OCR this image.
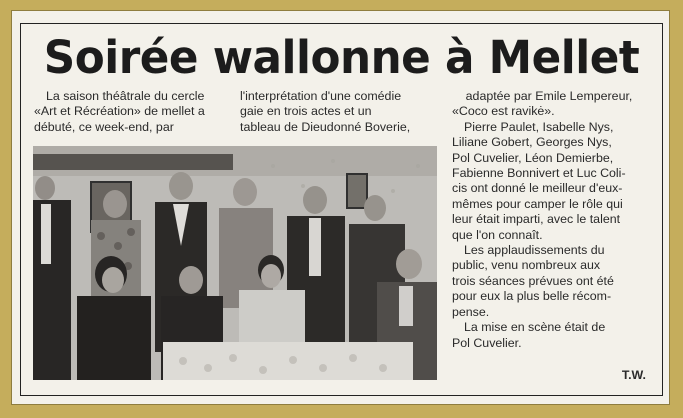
Soirée wallonne à Mellet

La saison théâtrale du cercle

«Art et Récréation» de mellet a

débuté, ce week-end, par

l'interprétation d'une comédie

gaie en trois actes et un

tableau de Dieudonné Boverie,

adaptée par Emile Lempereur,

«Coco est ravikė».

Pierre Paulet, Isabelle Nys,

Liliane Gobert, Georges Nys,

Pol Cuvelier, Léon Demierbe,

Fabienne Bonnivert et Luc Coli-

cis ont donné le meilleur d'eux-

mêmes pour camper le rôle qui

leur était imparti, avec le talent

que l'on connaît.

Les applaudissements du

public, venu nombreux aux

trois séances prévues ont été

pour eux la plus belle récom-

pense.

La mise en scène était de

Pol Cuvelier.

T.W.
